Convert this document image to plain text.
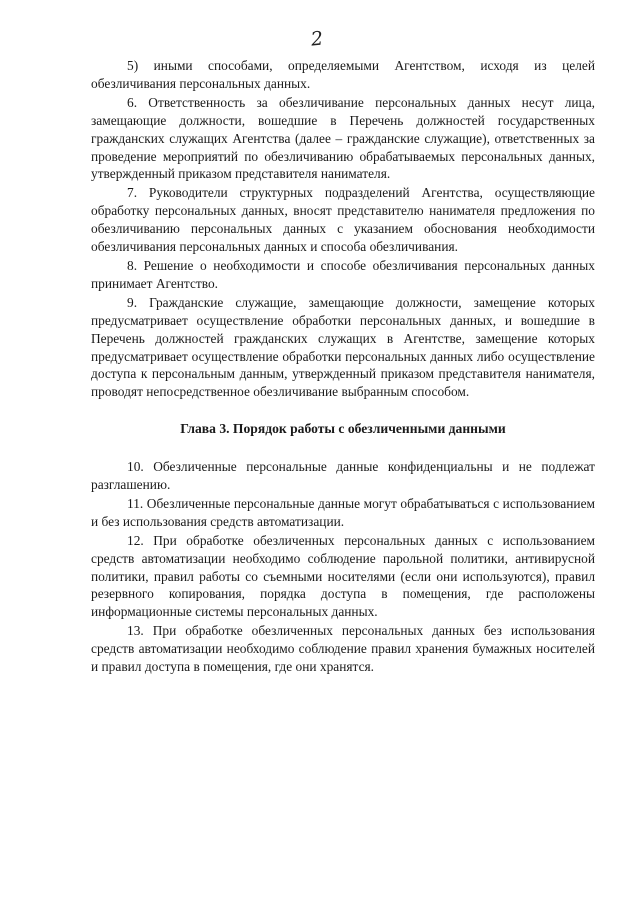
2

5) иными способами, определяемыми Агентством, исходя из целей обезличивания персональных данных.

6. Ответственность за обезличивание персональных данных несут лица, замещающие должности, вошедшие в Перечень должностей государственных гражданских служащих Агентства (далее – гражданские служащие), ответственных за проведение мероприятий по обезличиванию обрабатываемых персональных данных, утвержденный приказом представителя нанимателя.

7. Руководители структурных подразделений Агентства, осуществляющие обработку персональных данных, вносят представителю нанимателя предложения по обезличиванию персональных данных с указанием обоснования необходимости обезличивания персональных данных и способа обезличивания.

8. Решение о необходимости и способе обезличивания персональных данных принимает Агентство.

9. Гражданские служащие, замещающие должности, замещение которых предусматривает осуществление обработки персональных данных, и вошедшие в Перечень должностей гражданских служащих в Агентстве, замещение которых предусматривает осуществление обработки персональных данных либо осуществление доступа к персональным данным, утвержденный приказом представителя нанимателя, проводят непосредственное обезличивание выбранным способом.

Глава 3. Порядок работы с обезличенными данными

10. Обезличенные персональные данные конфиденциальны и не подлежат разглашению.

11. Обезличенные персональные данные могут обрабатываться с использованием и без использования средств автоматизации.

12. При обработке обезличенных персональных данных с использованием средств автоматизации необходимо соблюдение парольной политики, антивирусной политики, правил работы со съемными носителями (если они используются), правил резервного копирования, порядка доступа в помещения, где расположены информационные системы персональных данных.

13. При обработке обезличенных персональных данных без использования средств автоматизации необходимо соблюдение правил хранения бумажных носителей и правил доступа в помещения, где они хранятся.
